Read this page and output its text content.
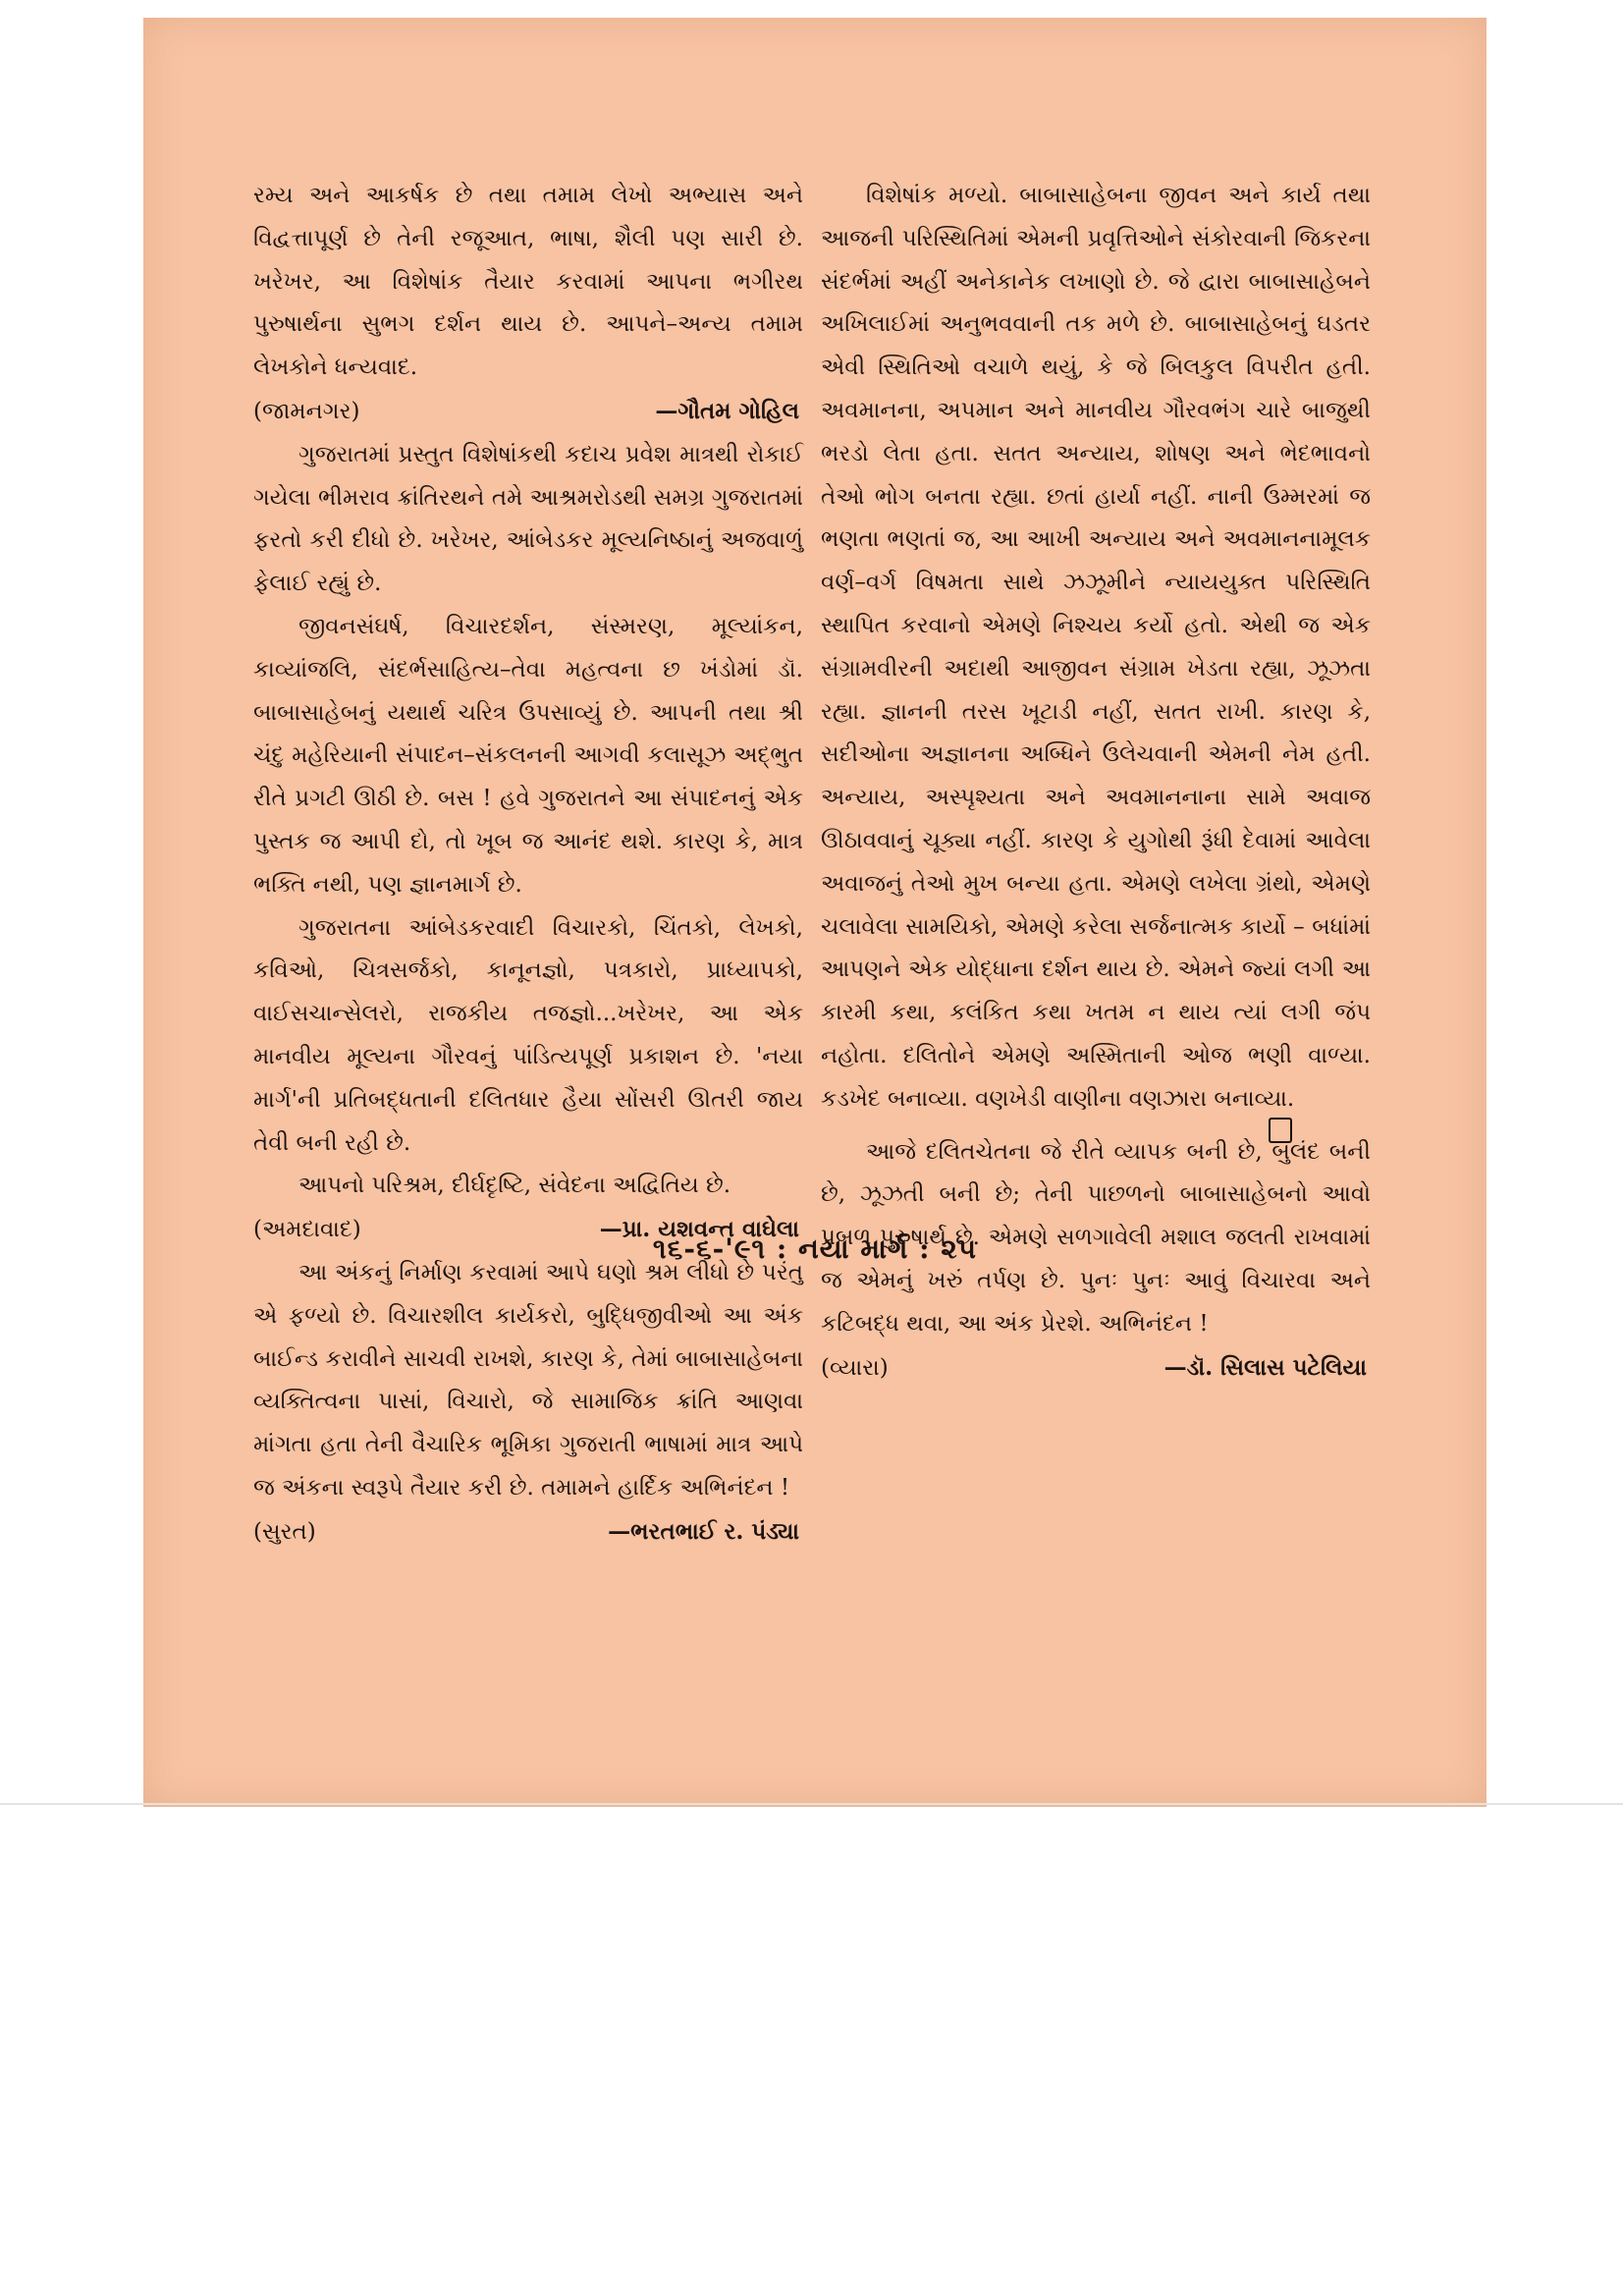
રમ્ય અને આકર્ષક છે તથા તમામ લેખો અભ્યાસ અને વિદ્વત્તાપૂર્ણ છે તેની રજૂઆત, ભાષા, શૈલી પણ સારી છે. ખરેખર, આ વિશેષાંક તૈયાર કરવામાં આપના ભગીરથ પુરુષાર્થના સુભગ દર્શન થાય છે. આપને–અન્ય તમામ લેખકોને ધન્યવાદ.

(જામનગર)	—ગૌતમ ગોહિલ

ગુજરાતમાં પ્રસ્તુત વિશેષાંકથી કદાચ પ્રવેશ માત્રથી રોકાઈ ગયેલા ભીમરાવ ક્રાંતિરથને તમે આશ્રમરોડથી સમગ્ર ગુજરાતમાં ફરતો કરી દીધો છે. ખરેખર, આંબેડકર મૂલ્યનિષ્ઠાનું અજવાળું ફેલાઈ રહ્યું છે.

જીવનસંઘર્ષ, વિચારદર્શન, સંસ્મરણ, મૂલ્યાંકન, કાવ્યાંજલિ, સંદર્ભસાહિત્ય–તેવા મહત્વના છ ખંડોમાં ડૉ. બાબાસાહેબનું યથાર્થ ચરિત્ર ઉપસાવ્યું છે. આપની તથા શ્રી ચંદુ મહેરિયાની સંપાદન–સંકલનની આગવી કલાસૂઝ અદ્ભુત રીતે પ્રગટી ઊઠી છે. બસ ! હવે ગુજરાતને આ સંપાદનનું એક પુસ્તક જ આપી દો, તો ખૂબ જ આનંદ થશે. કારણ કે, માત્ર ભક્તિ નથી, પણ જ્ઞાનમાર્ગ છે.

ગુજરાતના આંબેડકરવાદી વિચારકો, ચિંતકો, લેખકો, કવિઓ, ચિત્રસર્જકો, કાનૂનજ્ઞો, પત્રકારો, પ્રાધ્યાપકો, વાઈસચાન્સેલરો, રાજકીય તજજ્ઞો...ખરેખર, આ એક માનવીય મૂલ્યના ગૌરવનું પાંડિત્યપૂર્ણ પ્રકાશન છે. 'નયા માર્ગ'ની પ્રતિબદ્ધતાની દલિતધાર હૈયા સોંસરી ઊતરી જાય તેવી બની રહી છે.

આપનો પરિશ્રમ, દીર્ઘદૃષ્ટિ, સંવેદના અદ્વિતિય છે.

(અમદાવાદ)	—પ્રા. યશવન્ત વાઘેલા

આ અંકનું નિર્માણ કરવામાં આપે ઘણો શ્રમ લીધો છે પરંતુ એ ફળ્યો છે. વિચારશીલ કાર્યકરો, બુદ્ધિજીવીઓ આ અંક બાઈન્ડ કરાવીને સાચવી રાખશે, કારણ કે, તેમાં બાબાસાહેબના વ્યક્તિત્વના પાસાં, વિચારો, જે સામાજિક ક્રાંતિ આણવા માંગતા હતા તેની વૈચારિક ભૂમિકા ગુજરાતી ભાષામાં માત્ર આપે જ અંકના સ્વરૂપે તૈયાર કરી છે. તમામને હાર્દિક અભિનંદન !

(સુરત)	—ભરતભાઈ ર. પંડ્યા

વિશેષાંક મળ્યો. બાબાસાહેબના જીવન અને કાર્ય તથા આજની પરિસ્થિતિમાં એમની પ્રવૃત્તિઓને સંકોરવાની જિકરના સંદર્ભમાં અહીં અનેકાનેક લખાણો છે. જે દ્વારા બાબાસાહેબને અખિલાઈમાં અનુભવવાની તક મળે છે. બાબાસાહેબનું ઘડતર એવી સ્થિતિઓ વચાળે થયું, કે જે બિલકુલ વિપરીત હતી. અવમાનના, અપમાન અને માનવીય ગૌરવભંગ ચારે બાજુથી ભરડો લેતા હતા. સતત અન્યાય, શોષણ અને ભેદભાવનો તેઓ ભોગ બનતા રહ્યા. છતાં હાર્યા નહીં. નાની ઉમ્મરમાં જ ભણતા ભણતાં જ, આ આખી અન્યાય અને અવમાનનામૂલક વર્ણ–વર્ગ વિષમતા સાથે ઝઝૂમીને ન્યાયયુક્ત પરિસ્થિતિ સ્થાપિત કરવાનો એમણે નિશ્ચય કર્યો હતો. એથી જ એક સંગ્રામવીરની અદાથી આજીવન સંગ્રામ ખેડતા રહ્યા, ઝૂઝતા રહ્યા. જ્ઞાનની તરસ ખૂટાડી નહીં, સતત રાખી. કારણ કે, સદીઓના અજ્ઞાનના અબ્ધિને ઉલેચવાની એમની નેમ હતી. અન્યાય, અસ્પૃશ્યતા અને અવમાનનાના સામે અવાજ ઊઠાવવાનું ચૂક્યા નહીં. કારણ કે યુગોથી રૂંધી દેવામાં આવેલા અવાજનું તેઓ મુખ બન્યા હતા. એમણે લખેલા ગ્રંથો, એમણે ચલાવેલા સામયિકો, એમણે કરેલા સર્જનાત્મક કાર્યો – બધાંમાં આપણને એક યોદ્ધાના દર્શન થાય છે. એમને જ્યાં લગી આ કારમી કથા, કલંકિત કથા ખતમ ન થાય ત્યાં લગી જંપ નહોતા. દલિતોને એમણે અસ્મિતાની ઓજ ભણી વાળ્યા. કડખેદ બનાવ્યા. વણખેડી વાણીના વણઝારા બનાવ્યા.

આજે દલિતચેતના જે રીતે વ્યાપક બની છે, બુલંદ બની છે, ઝૂઝતી બની છે; તેની પાછળનો બાબાસાહેબનો આવો પ્રબળ પુરુષાર્થ છે. એમણે સળગાવેલી મશાલ જલતી રાખવામાં જ એમનું ખરું તર્પણ છે. પુનઃ પુનઃ આવું વિચારવા અને કટિબદ્ધ થવા, આ અંક પ્રેરશે. અભિનંદન !

(વ્યારા)	—ડૉ. સિલાસ પટેલિયા
૧૬-૬-'૯૧ : નયા માર્ગ : ૨૫
